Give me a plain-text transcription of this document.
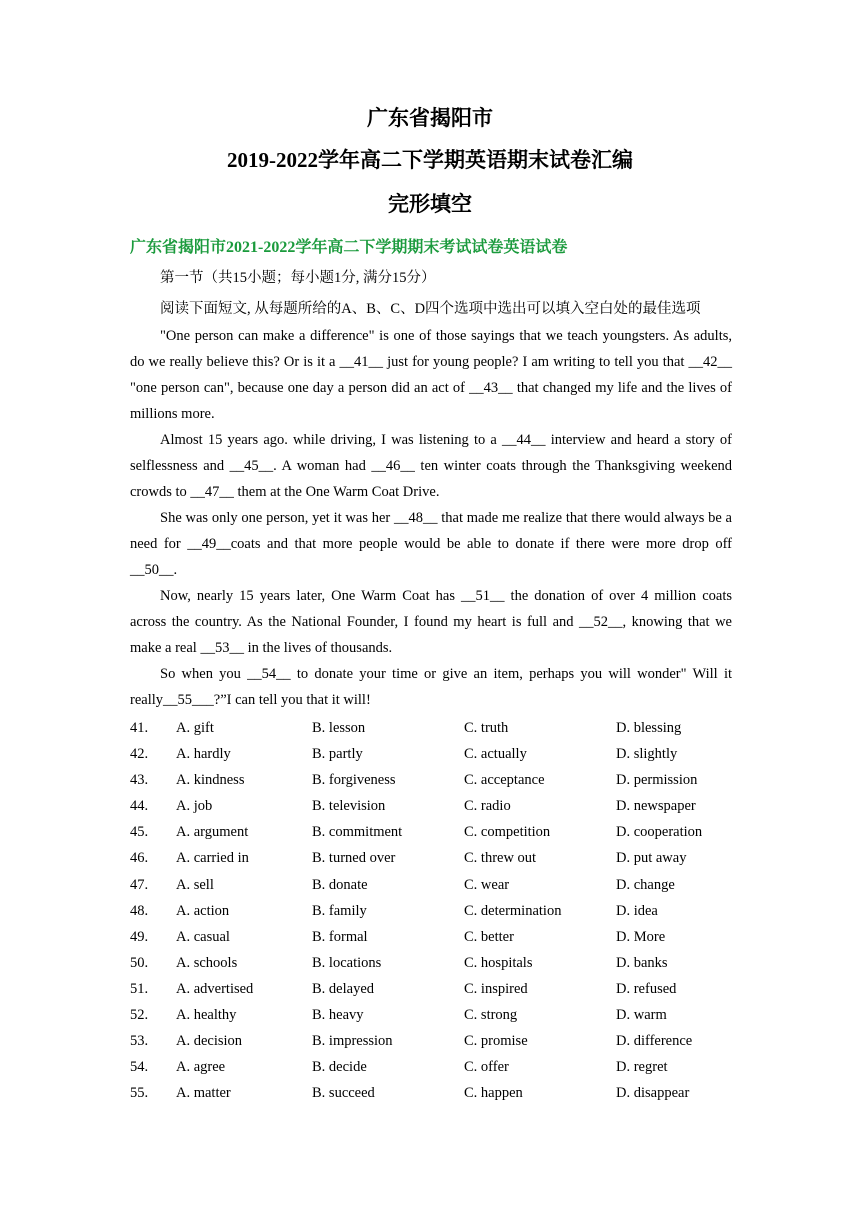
广东省揭阳市
2019-2022学年高二下学期英语期末试卷汇编
完形填空
广东省揭阳市2021-2022学年高二下学期期末考试试卷英语试卷
第一节（共15小题；每小题1分, 满分15分）
阅读下面短文, 从每题所给的A、B、C、D四个选项中选出可以填入空白处的最佳选项

"One person can make a difference" is one of those sayings that we teach youngsters. As adults, do we really believe this? Or is it a __41__ just for young people? I am writing to tell you that __42__ "one person can", because one day a person did an act of __43__ that changed my life and the lives of millions more.

Almost 15 years ago. while driving, I was listening to a __44__ interview and heard a story of selflessness and __45__. A woman had __46__ ten winter coats through the Thanksgiving weekend crowds to __47__ them at the One Warm Coat Drive.

She was only one person, yet it was her __48__ that made me realize that there would always be a need for __49__coats and that more people would be able to donate if there were more drop off __50__.

Now, nearly 15 years later, One Warm Coat has __51__ the donation of over 4 million coats across the country. As the National Founder, I found my heart is full and __52__, knowing that we make a real __53__ in the lives of thousands.

So when you __54__ to donate your time or give an item, perhaps you will wonder" Will it really__55___?”I can tell you that it will!

41. A. gift	B. lesson	C. truth	D. blessing
42. A. hardly	B. partly	C. actually	D. slightly
43. A. kindness	B. forgiveness	C. acceptance	D. permission
44. A. job	B. television	C. radio	D. newspaper
45. A. argument	B. commitment	C. competition	D. cooperation
46. A. carried in	B. turned over	C. threw out	D. put away
47. A. sell	B. donate	C. wear	D. change
48. A. action	B. family	C. determination	D. idea
49. A. casual	B. formal	C. better	D. More
50. A. schools	B. locations	C. hospitals	D. banks
51. A. advertised	B. delayed	C. inspired	D. refused
52. A. healthy	B. heavy	C. strong	D. warm
53. A. decision	B. impression	C. promise	D. difference
54. A. agree	B. decide	C. offer	D. regret
55. A. matter	B. succeed	C. happen	D. disappear
